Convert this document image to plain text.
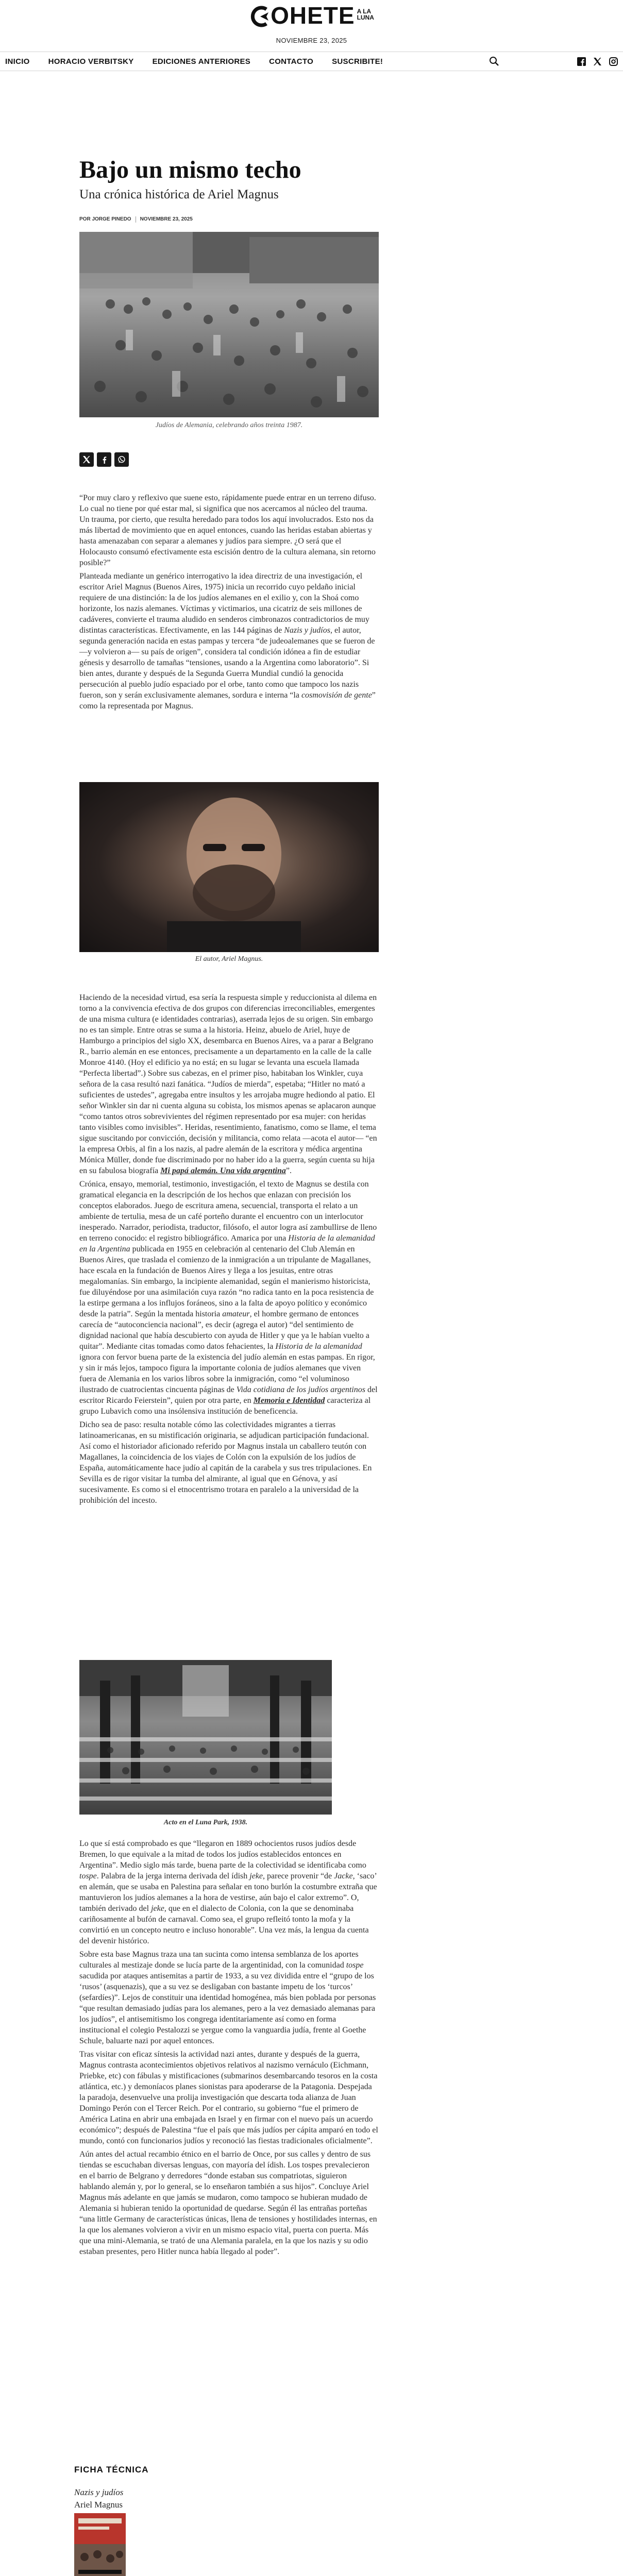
OHETE A LA
LUNA
NOVIEMBRE 23, 2025
INICIO HORACIO VERBITSKY EDICIONES ANTERIORES CONTACTO SUSCRIBITE!
Bajo un mismo techo
Una crónica histórica de Ariel Magnus
POR JORGE PINEDO NOVIEMBRE 23, 2025
Judíos de Alemania, celebrando años treinta 1987.

“Por muy claro y reflexivo que suene esto, rápidamente puede entrar en un terreno difuso. Lo cual no tiene por qué estar mal, si significa que nos acercamos al núcleo del trauma. Un trauma, por cierto, que resulta heredado para todos los aquí involucrados. Esto nos da más libertad de movimiento que en aquel entonces, cuando las heridas estaban abiertas y hasta amenazaban con separar a alemanes y judíos para siempre. ¿O será que el Holocausto consumó efectivamente esta escisión dentro de la cultura alemana, sin retorno posible?”

Planteada mediante un genérico interrogativo la idea directriz de una investigación, el escritor Ariel Magnus (Buenos Aires, 1975) inicia un recorrido cuyo peldaño inicial requiere de una distinción: la de los judíos alemanes en el exilio y, con la Shoá como horizonte, los nazis alemanes. Víctimas y victimarios, una cicatriz de seis millones de cadáveres, convierte el trauma aludido en senderos cimbronazos contradictorios de muy distintas características. Efectivamente, en las 144 páginas de Nazis y judíos, el autor, segunda generación nacida en estas pampas y tercera “de judeoalemanes que se fueron de —y volvieron a— su país de origen”, considera tal condición idónea a fin de estudiar génesis y desarrollo de tamañas “tensiones, usando a la Argentina como laboratorio”. Si bien antes, durante y después de la Segunda Guerra Mundial cundió la genocida persecución al pueblo judío espaciado por el orbe, tanto como que tampoco los nazis fueron, son y serán exclusivamente alemanes, sordura e interna “la cosmovisión de gente” como la representada por Magnus.

El autor, Ariel Magnus.

Haciendo de la necesidad virtud, esa sería la respuesta simple y reduccionista al dilema en torno a la convivencia efectiva de dos grupos con diferencias irreconciliables, emergentes de una misma cultura (e identidades contrarias), aserrada lejos de su origen. Sin embargo no es tan simple. Entre otras se suma a la historia. Heinz, abuelo de Ariel, huye de Hamburgo a principios del siglo XX, desembarca en Buenos Aires, va a parar a Belgrano R., barrio alemán en ese entonces, precisamente a un departamento en la calle de la calle Monroe 4140. (Hoy el edificio ya no está; en su lugar se levanta una escuela llamada “Perfecta libertad”.) Sobre sus cabezas, en el primer piso, habitaban los Winkler, cuya señora de la casa resultó nazi fanática. “Judíos de mierda”, espetaba; “Hitler no mató a suficientes de ustedes”, agregaba entre insultos y les arrojaba mugre hediondo al patio. El señor Winkler sin dar ni cuenta alguna su cobista, los mismos apenas se aplacaron aunque “como tantos otros sobrevivientes del régimen representado por esa mujer: con heridas tanto visibles como invisibles”. Heridas, resentimiento, fanatismo, como se llame, el tema sigue suscitando por convicción, decisión y militancia, como relata —acota el autor— “en la empresa Orbis, al fin a los nazis, al padre alemán de la escritora y médica argentina Mónica Müller, donde fue discriminado por no haber ido a la guerra, según cuenta su hija en su fabulosa biografía Mi papá alemán. Una vida argentina”.

Crónica, ensayo, memorial, testimonio, investigación, el texto de Magnus se destila con gramatical elegancia en la descripción de los hechos que enlazan con precisión los conceptos elaborados. Juego de escritura amena, secuencial, transporta el relato a un ambiente de tertulia, mesa de un café porteño durante el encuentro con un interlocutor inesperado. Narrador, periodista, traductor, filósofo, el autor logra así zambullirse de lleno en terreno conocido: el registro bibliográfico. Amarica por una Historia de la alemanidad en la Argentina publicada en 1955 en celebración al centenario del Club Alemán en Buenos Aires, que traslada el comienzo de la inmigración a un tripulante de Magallanes, hace escala en la fundación de Buenos Aires y llega a los jesuitas, entre otras megalomanías. Sin embargo, la incipiente alemanidad, según el manierismo historicista, fue diluyéndose por una asimilación cuya razón “no radica tanto en la poca resistencia de la estirpe germana a los influjos foráneos, sino a la falta de apoyo político y económico desde la patria”. Según la mentada historia amateur, el hombre germano de entonces carecía de “autoconciencia nacional”, es decir (agrega el autor) “del sentimiento de dignidad nacional que había descubierto con ayuda de Hitler y que ya le habían vuelto a quitar”. Mediante citas tomadas como datos fehacientes, la Historia de la alemanidad ignora con fervor buena parte de la existencia del judío alemán en estas pampas. En rigor, y sin ir más lejos, tampoco figura la importante colonia de judíos alemanes que viven fuera de Alemania en los varios libros sobre la inmigración, como “el voluminoso ilustrado de cuatrocientas cincuenta páginas de Vida cotidiana de los judíos argentinos del escritor Ricardo Feierstein”, quien por otra parte, en Memoria e Identidad caracteriza al grupo Lubavich como una insólensiva institución de beneficencia.

Dicho sea de paso: resulta notable cómo las colectividades migrantes a tierras latinoamericanas, en su mistificación originaria, se adjudican participación fundacional. Así como el historiador aficionado referido por Magnus instala un caballero teutón con Magallanes, la coincidencia de los viajes de Colón con la expulsión de los judíos de España, automáticamente hace judío al capitán de la carabela y sus tres tripulaciones. En Sevilla es de rigor visitar la tumba del almirante, al igual que en Génova, y así sucesivamente. Es como si el etnocentrismo trotara en paralelo a la universidad de la prohibición del incesto.

Acto en el Luna Park, 1938.

Lo que sí está comprobado es que “llegaron en 1889 ochocientos rusos judíos desde Bremen, lo que equivale a la mitad de todos los judíos establecidos entonces en Argentina”. Medio siglo más tarde, buena parte de la colectividad se identificaba como tospe. Palabra de la jerga interna derivada del ídish jeke, parece provenir “de Jacke, ‘saco’ en alemán, que se usaba en Palestina para señalar en tono burlón la costumbre extraña que mantuvieron los judíos alemanes a la hora de vestirse, aún bajo el calor extremo”. O, también derivado del jeke, que en el dialecto de Colonia, con la que se denominaba cariñosamente al bufón de carnaval. Como sea, el grupo refleitó tonto la mofa y la convirtió en un concepto neutro e incluso honorable”. Una vez más, la lengua da cuenta del devenir histórico.

Sobre esta base Magnus traza una tan sucinta como intensa semblanza de los aportes culturales al mestizaje donde se lucía parte de la argentinidad, con la comunidad tospe sacudida por ataques antisemitas a partir de 1933, a su vez dividida entre el “grupo de los ‘rusos’ (asquenazis), que a su vez se desligaban con bastante impetu de los ‘turcos’ (sefardíes)”. Lejos de constituir una identidad homogénea, más bien poblada por personas “que resultan demasiado judías para los alemanes, pero a la vez demasiado alemanas para los judíos”, el antisemitismo los congrega identitariamente así como en forma institucional el colegio Pestalozzi se yergue como la vanguardia judía, frente al Goethe Schule, baluarte nazi por aquel entonces.

Tras visitar con eficaz síntesis la actividad nazi antes, durante y después de la guerra, Magnus contrasta acontecimientos objetivos relativos al nazismo vernáculo (Eichmann, Priebke, etc) con fábulas y mistificaciones (submarinos desembarcando tesoros en la costa atlántica, etc.) y demoníacos planes sionistas para apoderarse de la Patagonia. Despejada la paradoja, desenvuelve una prolija investigación que descarta toda alianza de Juan Domingo Perón con el Tercer Reich. Por el contrario, su gobierno “fue el primero de América Latina en abrir una embajada en Israel y en firmar con el nuevo país un acuerdo económico”; después de Palestina “fue el país que más judíos per cápita amparó en todo el mundo, contó con funcionarios judíos y reconoció las fiestas tradicionales oficialmente”.

Aún antes del actual recambio étnico en el barrio de Once, por sus calles y dentro de sus tiendas se escuchaban diversas lenguas, con mayoría del ídish. Los tospes prevalecieron en el barrio de Belgrano y derredores “donde estaban sus compatriotas, siguieron hablando alemán y, por lo general, se lo enseñaron también a sus hijos”. Concluye Ariel Magnus más adelante en que jamás se mudaron, como tampoco se hubieran mudado de Alemania si hubieran tenido la oportunidad de quedarse. Según él las entrañas porteñas “una little Germany de características únicas, llena de tensiones y hostilidades internas, en la que los alemanes volvieron a vivir en un mismo espacio vital, puerta con puerta. Más que una mini-Alemania, se trató de una Alemania paralela, en la que los nazis y su odio estaban presentes, pero Hitler nunca había llegado al poder”.

FICHA TÉCNICA
Nazis y judíos
Ariel Magnus
